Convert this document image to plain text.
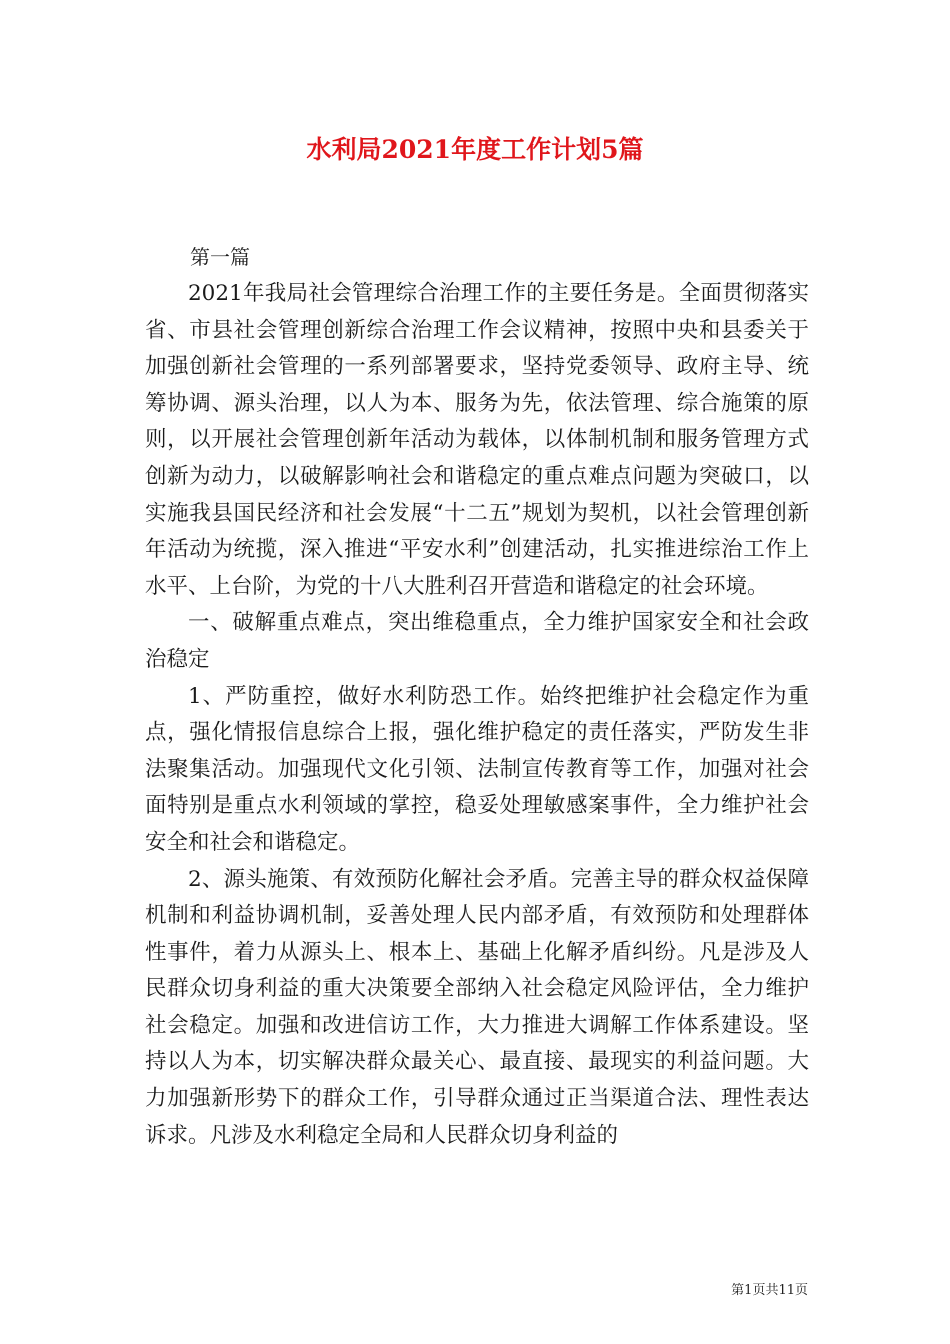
水利局2021年度工作计划5篇
第一篇

2021年我局社会管理综合治理工作的主要任务是。全面贯彻落实省、市县社会管理创新综合治理工作会议精神，按照中央和县委关于加强创新社会管理的一系列部署要求，坚持党委领导、政府主导、统筹协调、源头治理，以人为本、服务为先，依法管理、综合施策的原则，以开展社会管理创新年活动为载体，以体制机制和服务管理方式创新为动力，以破解影响社会和谐稳定的重点难点问题为突破口，以实施我县国民经济和社会发展“十二五”规划为契机，以社会管理创新年活动为统揽，深入推进“平安水利”创建活动，扎实推进综治工作上水平、上台阶，为党的十八大胜利召开营造和谐稳定的社会环境。

一、破解重点难点，突出维稳重点，全力维护国家安全和社会政治稳定

1、严防重控，做好水利防恐工作。始终把维护社会稳定作为重点，强化情报信息综合上报，强化维护稳定的责任落实，严防发生非法聚集活动。加强现代文化引领、法制宣传教育等工作，加强对社会面特别是重点水利领域的掌控，稳妥处理敏感案事件，全力维护社会安全和社会和谐稳定。

2、源头施策、有效预防化解社会矛盾。完善主导的群众权益保障机制和利益协调机制，妥善处理人民内部矛盾，有效预防和处理群体性事件，着力从源头上、根本上、基础上化解矛盾纠纷。凡是涉及人民群众切身利益的重大决策要全部纳入社会稳定风险评估，全力维护社会稳定。加强和改进信访工作，大力推进大调解工作体系建设。坚持以人为本，切实解决群众最关心、最直接、最现实的利益问题。大力加强新形势下的群众工作，引导群众通过正当渠道合法、理性表达诉求。凡涉及水利稳定全局和人民群众切身利益的

第1页共11页
